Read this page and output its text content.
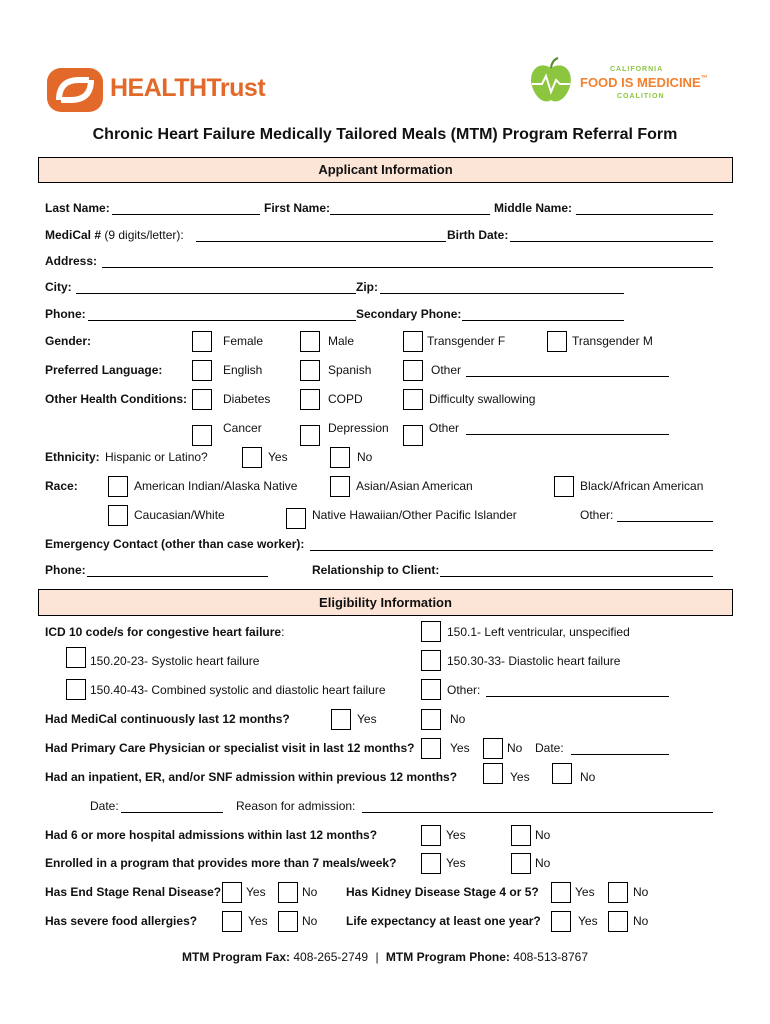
HEALTHTrust
CALIFORNIA
FOOD IS MEDICINE™
COALITION
Chronic Heart Failure Medically Tailored Meals (MTM) Program Referral Form
Applicant Information
Last Name:	First Name:	Middle Name:
MediCal # (9 digits/letter):	Birth Date:
Address:
City:	Zip:
Phone:	Secondary Phone:
Gender:	Female	Male	Transgender F	Transgender M
Preferred Language:	English	Spanish	Other
Other Health Conditions:	Diabetes	COPD	Difficulty swallowing
Cancer	Depression	Other
Ethnicity: Hispanic or Latino?	Yes	No
Race:	American Indian/Alaska Native	Asian/Asian American	Black/African American
Caucasian/White	Native Hawaiian/Other Pacific Islander	Other:
Emergency Contact (other than case worker):
Phone:	Relationship to Client:
Eligibility Information
ICD 10 code/s for congestive heart failure:	150.1- Left ventricular, unspecified
150.20-23- Systolic heart failure	150.30-33- Diastolic heart failure
150.40-43- Combined systolic and diastolic heart failure	Other:
Had MediCal continuously last 12 months?	Yes	No
Had Primary Care Physician or specialist visit in last 12 months?	Yes	No Date:
Had an inpatient, ER, and/or SNF admission within previous 12 months?	Yes	No
Date:	Reason for admission:
Had 6 or more hospital admissions within last 12 months?	Yes	No
Enrolled in a program that provides more than 7 meals/week?	Yes	No
Has End Stage Renal Disease? Yes	No Has Kidney Disease Stage 4 or 5?	Yes	No
Has severe food allergies?	Yes	No Life expectancy at least one year?	Yes	No
MTM Program Fax: 408-265-2749 | MTM Program Phone: 408-513-8767
